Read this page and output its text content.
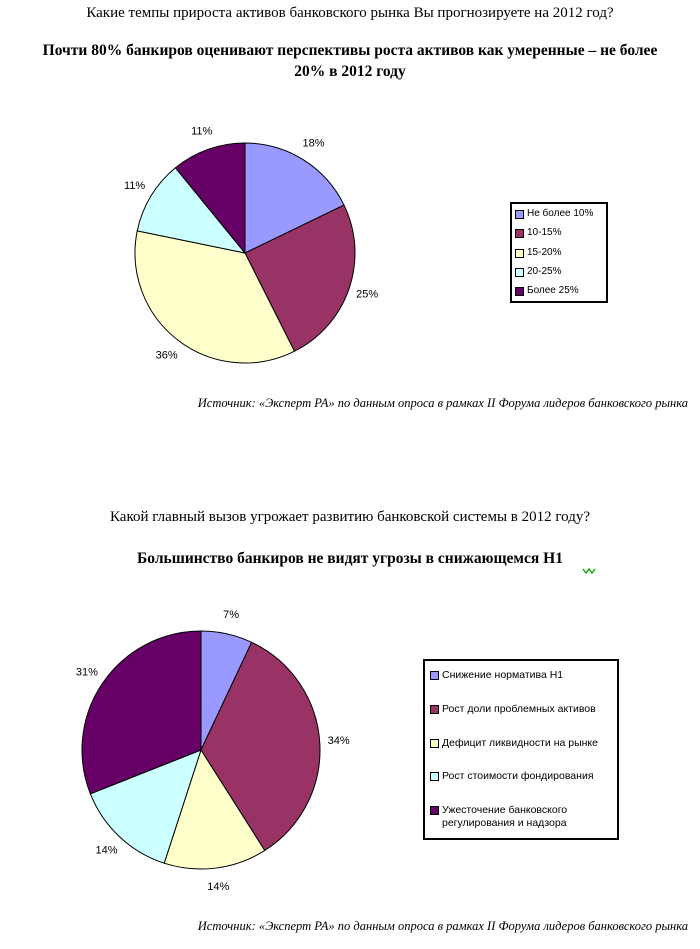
Какие темпы прироста активов банковского рынка Вы прогнозируете на 2012 год?
Почти 80% банкиров оценивают перспективы роста активов как умеренные – не более 20% в 2012 году
18%
25%
36%
11%
11%
Не более 10%
10-15%
15-20%
20-25%
Более 25%
Источник: «Эксперт РА» по данным опроса в рамках II Форума лидеров банковского рынка
Какой главный вызов угрожает развитию банковской системы в 2012 году?
Большинство банкиров не видят угрозы в снижающемся Н1
7%
34%
14%
14%
31%	Снижение норматива Н1
Рост доли проблемных активов
Дефицит ликвидности на рынке
Рост стоимости фондирования
Ужесточение банковского регулирования и надзора
Источник: «Эксперт РА» по данным опроса в рамках II Форума лидеров банковского рынка
